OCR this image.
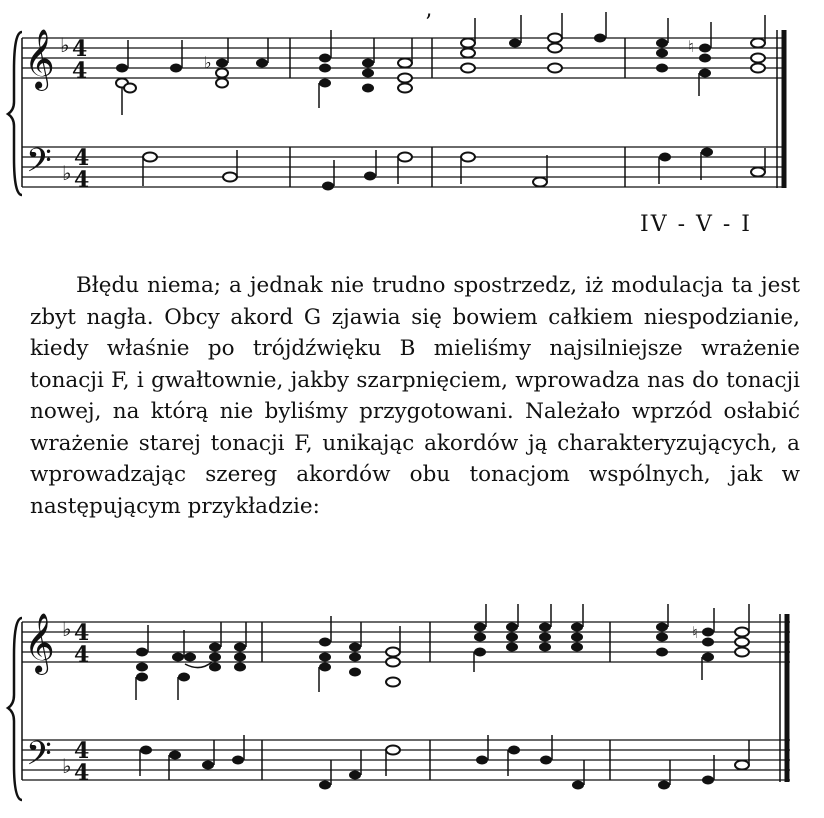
𝄞 ♭ 4
4
𝄢 ♭
4
4
’
♭
♮
IV - V - I

Błędu niema; a jednak nie trudno spostrzedz, iż modulacja ta jest zbyt nagła. Obcy akord G zjawia się bowiem całkiem niespodzianie, kiedy właśnie po trójdźwięku B mieliśmy najsilniejsze wrażenie tonacji F, i gwałtownie, jakby szarpnięciem, wprowadza nas do tonacji nowej, na którą nie byliśmy przygotowani. Należało wprzód osłabić wrażenie starej tonacji F, unikając akordów ją charakteryzujących, a wprowadzając szereg akordów obu tonacjom wspólnych, jak w następującym przykładzie:

𝄞 ♭ 4
4
𝄢 ♭
4
4
♮
